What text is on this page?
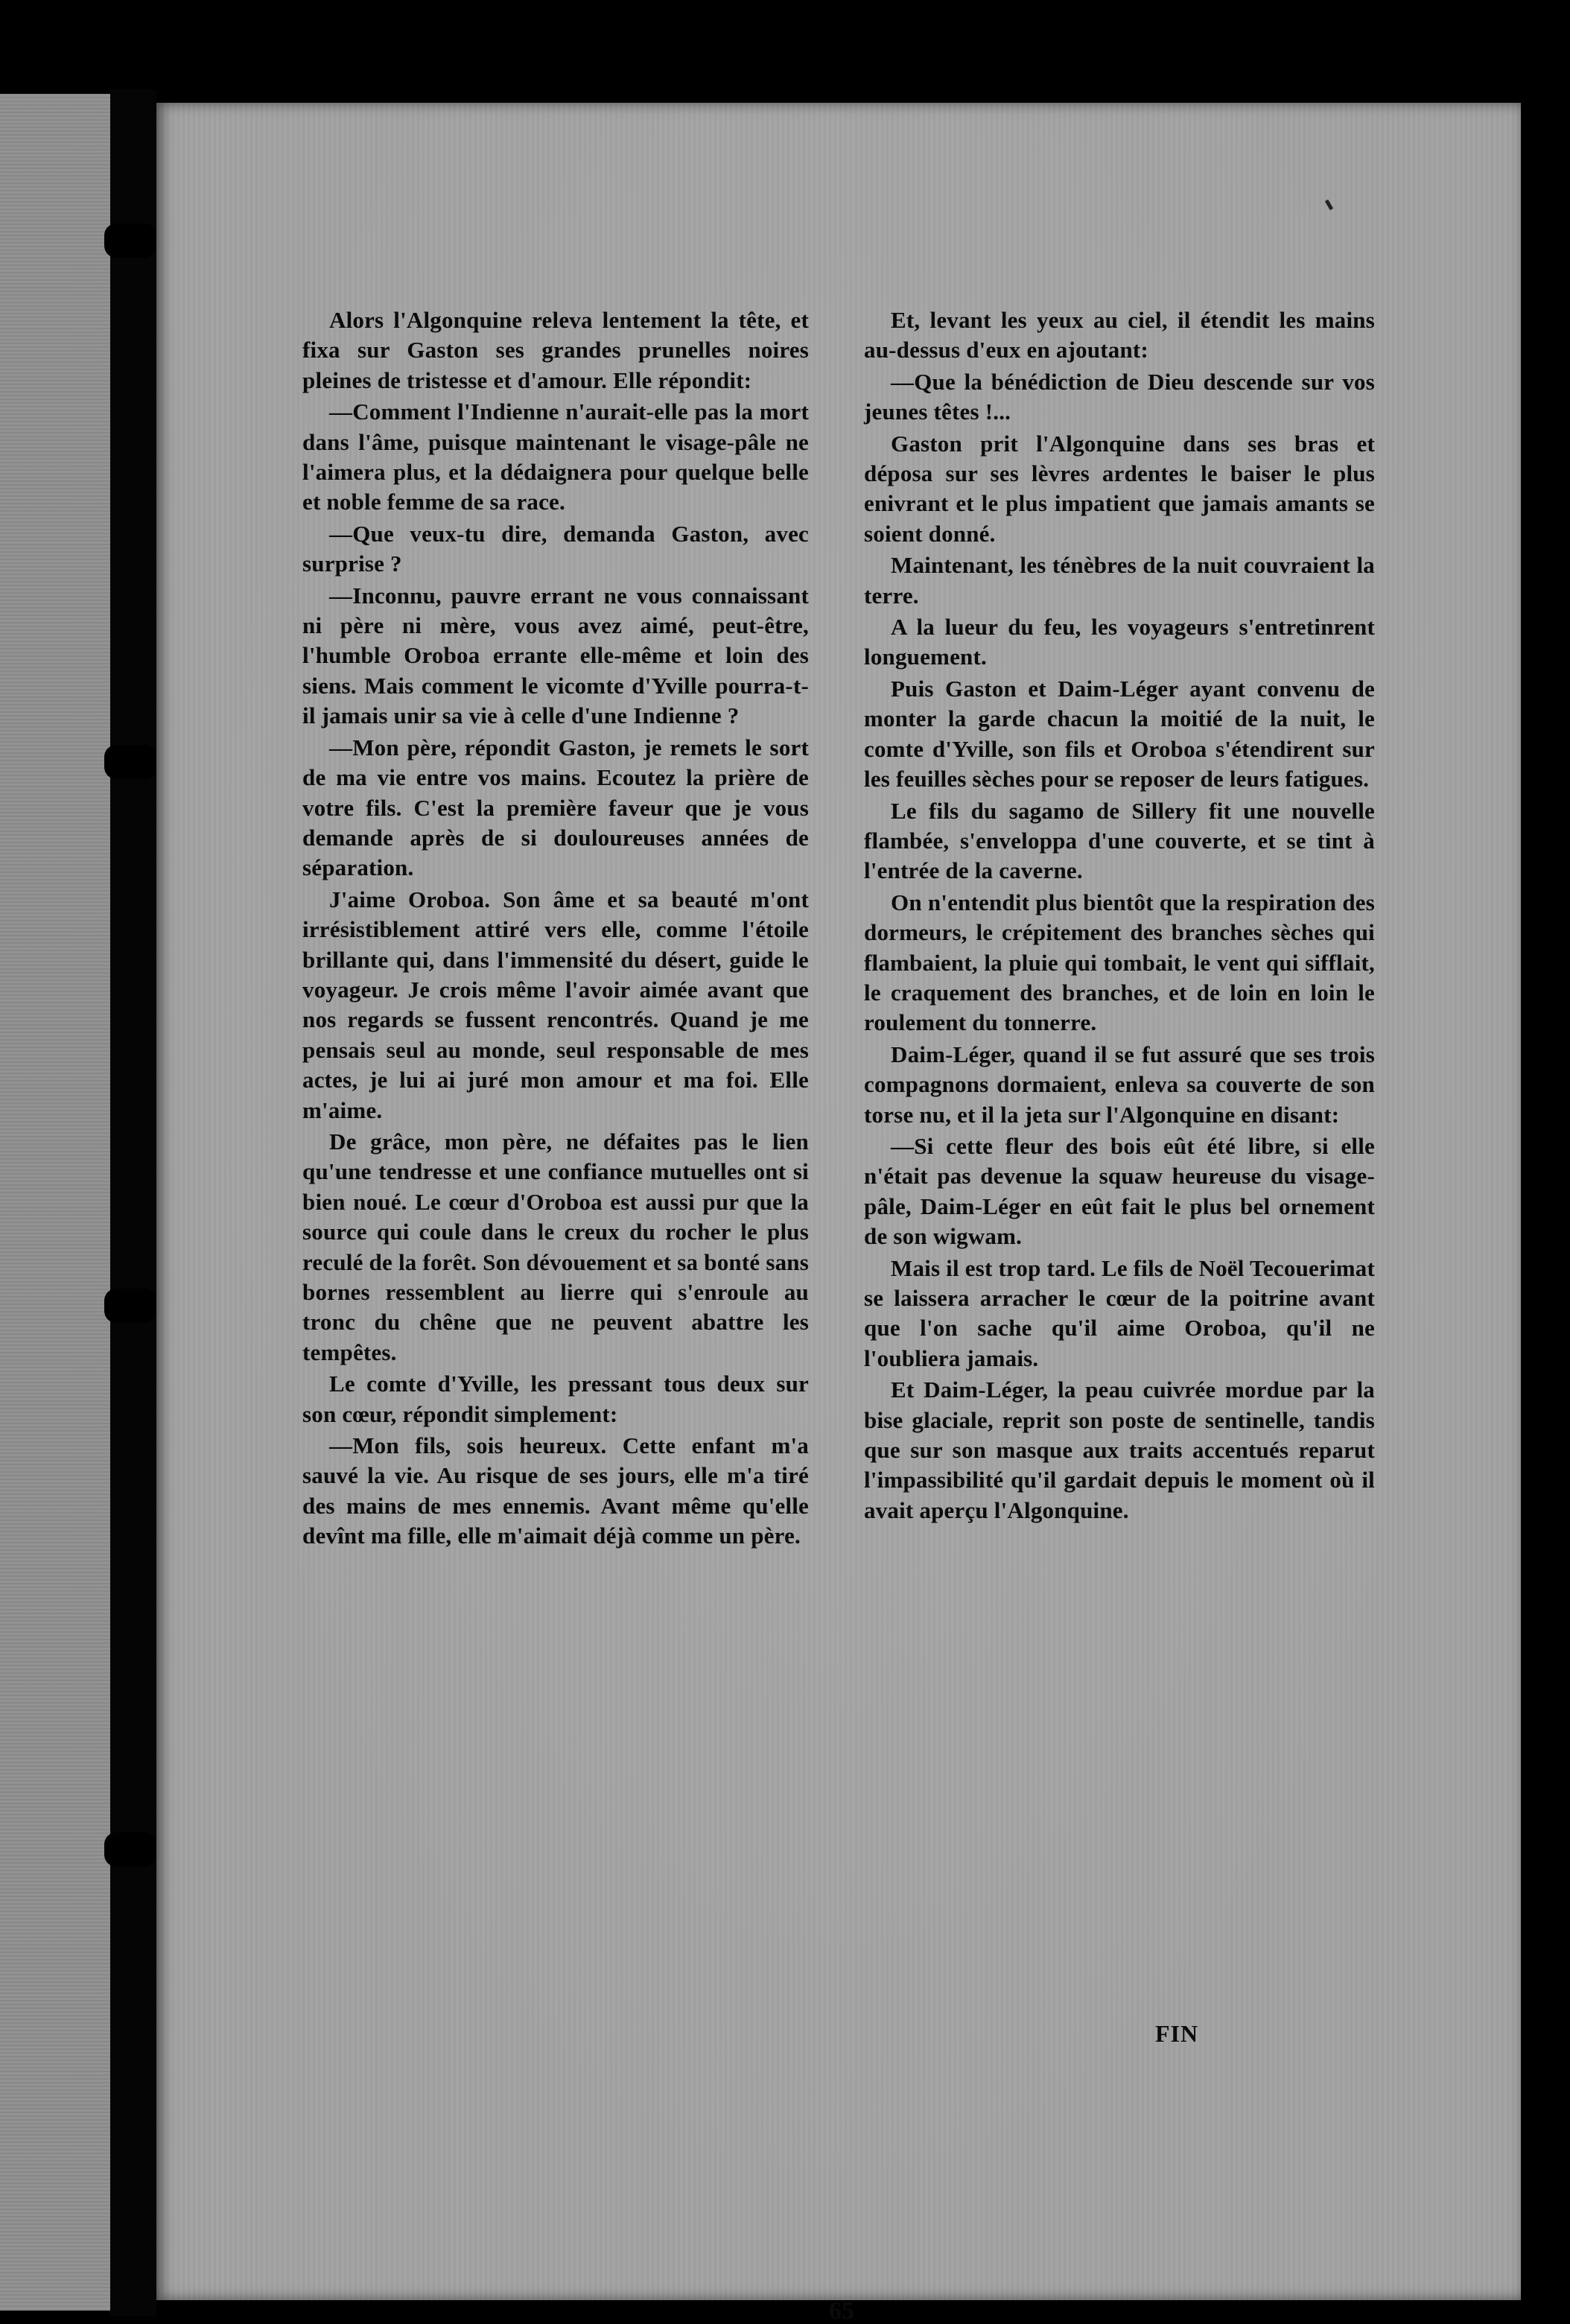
Alors l'Algonquine releva lentement la tête, et fixa sur Gaston ses grandes prunelles noires pleines de tristesse et d'amour. Elle répondit:

—Comment l'Indienne n'aurait-elle pas la mort dans l'âme, puisque maintenant le visage-pâle ne l'aimera plus, et la dédaignera pour quelque belle et noble femme de sa race.

—Que veux-tu dire, demanda Gaston, avec surprise ?

—Inconnu, pauvre errant ne vous connaissant ni père ni mère, vous avez aimé, peut-être, l'humble Oroboa errante elle-même et loin des siens. Mais comment le vicomte d'Yville pourra-t-il jamais unir sa vie à celle d'une Indienne ?

—Mon père, répondit Gaston, je remets le sort de ma vie entre vos mains. Ecoutez la prière de votre fils. C'est la première faveur que je vous demande après de si douloureuses années de séparation.

J'aime Oroboa. Son âme et sa beauté m'ont irrésistiblement attiré vers elle, comme l'étoile brillante qui, dans l'immensité du désert, guide le voyageur. Je crois même l'avoir aimée avant que nos regards se fussent rencontrés. Quand je me pensais seul au monde, seul responsable de mes actes, je lui ai juré mon amour et ma foi. Elle m'aime.

De grâce, mon père, ne défaites pas le lien qu'une tendresse et une confiance mutuelles ont si bien noué. Le cœur d'Oroboa est aussi pur que la source qui coule dans le creux du rocher le plus reculé de la forêt. Son dévouement et sa bonté sans bornes ressemblent au lierre qui s'enroule au tronc du chêne que ne peuvent abattre les tempêtes.

Le comte d'Yville, les pressant tous deux sur son cœur, répondit simplement:

—Mon fils, sois heureux. Cette enfant m'a sauvé la vie. Au risque de ses jours, elle m'a tiré des mains de mes ennemis. Avant même qu'elle devînt ma fille, elle m'aimait déjà comme un père.

Et, levant les yeux au ciel, il étendit les mains au-dessus d'eux en ajoutant:

—Que la bénédiction de Dieu descende sur vos jeunes têtes !...

Gaston prit l'Algonquine dans ses bras et déposa sur ses lèvres ardentes le baiser le plus enivrant et le plus impatient que jamais amants se soient donné.

Maintenant, les ténèbres de la nuit couvraient la terre.

A la lueur du feu, les voyageurs s'entretinrent longuement.

Puis Gaston et Daim-Léger ayant convenu de monter la garde chacun la moitié de la nuit, le comte d'Yville, son fils et Oroboa s'étendirent sur les feuilles sèches pour se reposer de leurs fatigues.

Le fils du sagamo de Sillery fit une nouvelle flambée, s'enveloppa d'une couverte, et se tint à l'entrée de la caverne.

On n'entendit plus bientôt que la respiration des dormeurs, le crépitement des branches sèches qui flambaient, la pluie qui tombait, le vent qui sifflait, le craquement des branches, et de loin en loin le roulement du tonnerre.

Daim-Léger, quand il se fut assuré que ses trois compagnons dormaient, enleva sa couverte de son torse nu, et il la jeta sur l'Algonquine en disant:

—Si cette fleur des bois eût été libre, si elle n'était pas devenue la squaw heureuse du visage-pâle, Daim-Léger en eût fait le plus bel ornement de son wigwam.

Mais il est trop tard. Le fils de Noël Tecouerimat se laissera arracher le cœur de la poitrine avant que l'on sache qu'il aime Oroboa, qu'il ne l'oubliera jamais.

Et Daim-Léger, la peau cuivrée mordue par la bise glaciale, reprit son poste de sentinelle, tandis que sur son masque aux traits accentués reparut l'impassibilité qu'il gardait depuis le moment où il avait aperçu l'Algonquine.

FIN
65
